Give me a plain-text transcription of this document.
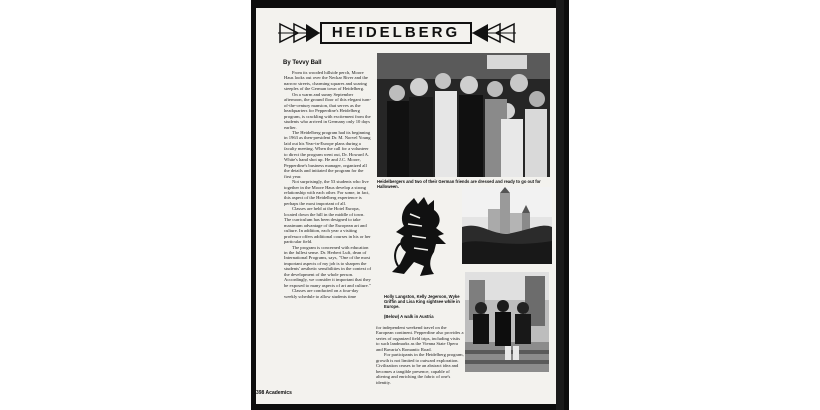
HEIDELBERG
By Tevvy Ball

From its wooded hillside perch, Moore Haus looks out over the Neckar River and the narrow streets, charming squares and soaring steeples of the German town of Heidelberg.

On a warm and sunny September afternoon, the ground floor of this elegant turn-of-the-century mansion, that serves as the headquarters for Pepperdine's Heidelberg program, is crackling with excitement from the students who arrived in Germany only 10 days earlier.

The Heidelberg program had its beginning in 1963 as then-president Dr. M. Norvel Young laid out his Year-in-Europe plans during a faculty meeting. When the call for a volunteer to direct the program went out, Dr. Howard A. White's hand shot up. He and J.C. Moore, Pepperdine's business manager, organized all the details and initiated the program for the first year.

Not surprisingly, the 53 students who live together in the Moore Haus develop a strong relationship with each other. For some, in fact, this aspect of the Heidelberg experience is perhaps the most important of all.

Classes are held at the Hotel Europa, located down the hill in the middle of town. The curriculum has been designed to take maximum advantage of the European art and culture. In addition, each year a visiting professor offers additional courses in his or her particular field.

The program is concerned with education in the fullest sense. Dr. Herbert Luft, dean of International Programs, says, "One of the most important aspects of my job is to sharpen the students' aesthetic sensibilities in the context of the development of the whole person. Accordingly, we consider it important that they be exposed to many aspects of art and culture."

Classes are conducted on a four-day weekly schedule to allow students time

for independent weekend travel on the European continent. Pepperdine also provides a series of organized field trips, including visits to such landmarks as the Vienna State Opera and Bavaria's Romantic Road.

For participants in the Heidelberg program, growth is not limited to outward exploration. Civilization ceases to be an abstract idea and becomes a tangible presence, capable of altering and enriching the fabric of one's identity.

Heidelbergers and two of their German friends are dressed and ready to go out for Halloween.
Holly Langston, Kelly Jegerson, Wyke Griffin and Lisa King sightsee while in Europe.
(Below) A walk in Austria
398 Academics
